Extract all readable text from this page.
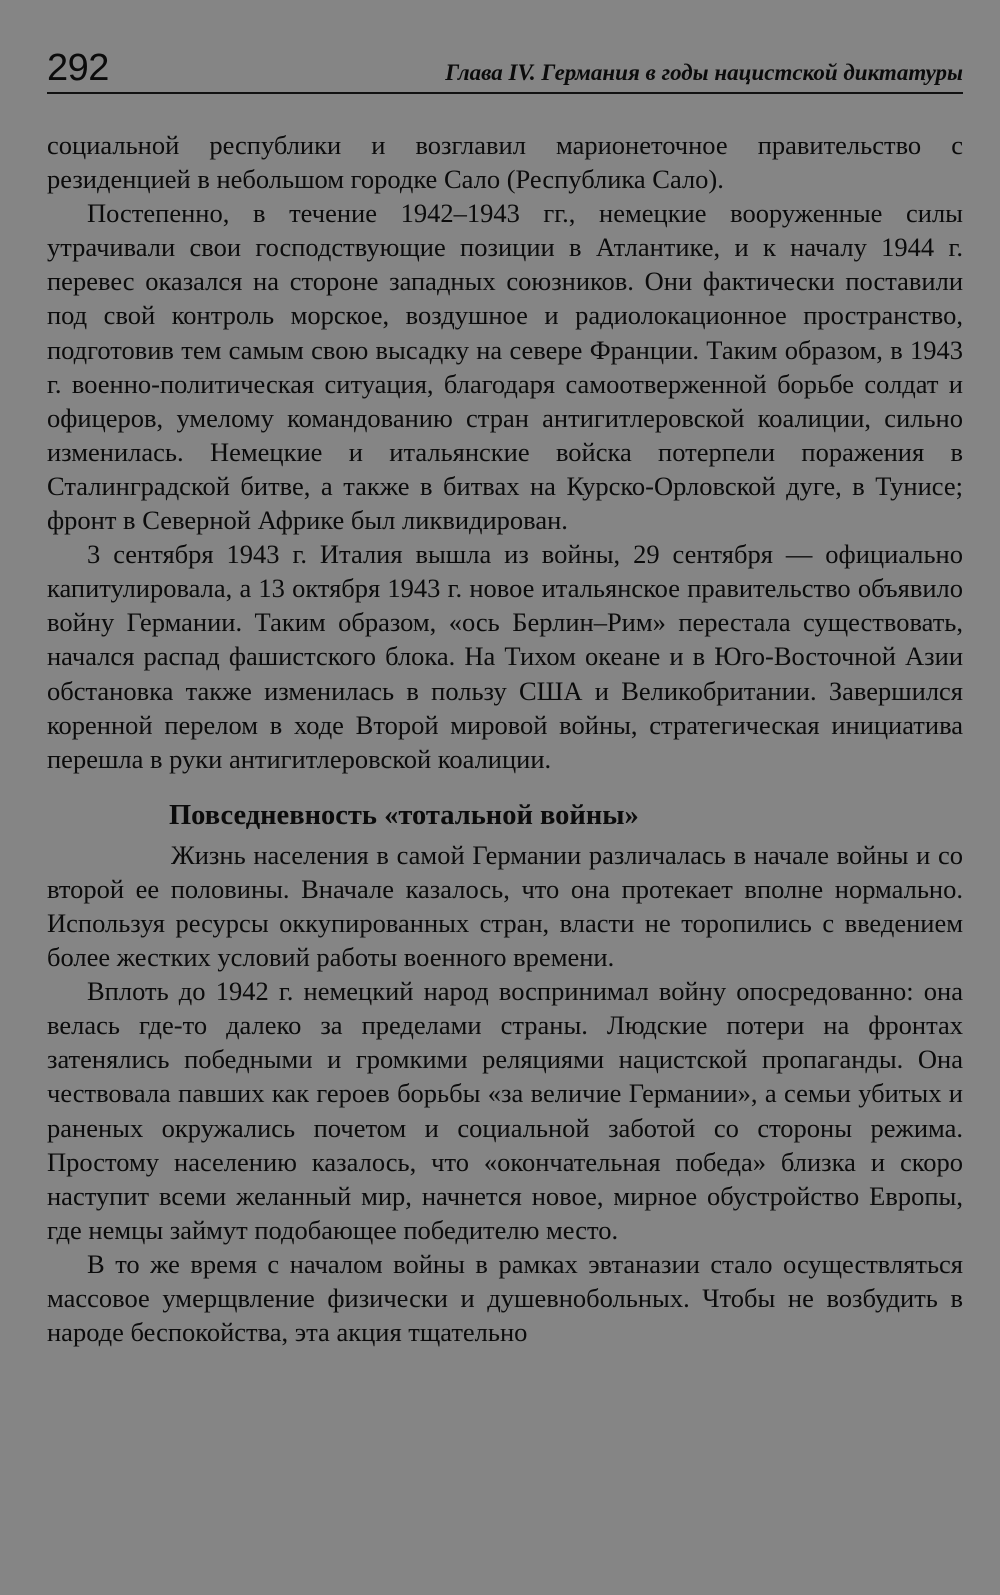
292	Глава IV. Германия в годы нацистской диктатуры

социальной республики и возглавил марионеточное правительство с резиденцией в небольшом городке Сало (Республика Сало).

Постепенно, в течение 1942–1943 гг., немецкие вооруженные силы утрачивали свои господствующие позиции в Атлантике, и к началу 1944 г. перевес оказался на стороне западных союзников. Они фактически поставили под свой контроль морское, воздушное и радиолокационное пространство, подготовив тем самым свою высадку на севере Франции. Таким образом, в 1943 г. военно-политическая ситуация, благодаря самоотверженной борьбе солдат и офицеров, умелому командованию стран антигитлеровской коалиции, сильно изменилась. Немецкие и итальянские войска потерпели поражения в Сталинградской битве, а также в битвах на Курско-Орловской дуге, в Тунисе; фронт в Северной Африке был ликвидирован.

3 сентября 1943 г. Италия вышла из войны, 29 сентября — официально капитулировала, а 13 октября 1943 г. новое итальянское правительство объявило войну Германии. Таким образом, «ось Берлин–Рим» перестала существовать, начался распад фашистского блока. На Тихом океане и в Юго-Восточной Азии обстановка также изменилась в пользу США и Великобритании. Завершился коренной перелом в ходе Второй мировой войны, стратегическая инициатива перешла в руки антигитлеровской коалиции.

Повседневность «тотальной войны»

Жизнь населения в самой Германии различалась в начале войны и со второй ее половины. Вначале казалось, что она протекает вполне нормально. Используя ресурсы оккупированных стран, власти не торопились с введением более жестких условий работы военного времени.

Вплоть до 1942 г. немецкий народ воспринимал войну опосредованно: она велась где-то далеко за пределами страны. Людские потери на фронтах затенялись победными и громкими реляциями нацистской пропаганды. Она чествовала павших как героев борьбы «за величие Германии», а семьи убитых и раненых окружались почетом и социальной заботой со стороны режима. Простому населению казалось, что «окончательная победа» близка и скоро наступит всеми желанный мир, начнется новое, мирное обустройство Европы, где немцы займут подобающее победителю место.

В то же время с началом войны в рамках эвтаназии стало осуществляться массовое умерщвление физически и душевнобольных. Чтобы не возбудить в народе беспокойства, эта акция тщательно
